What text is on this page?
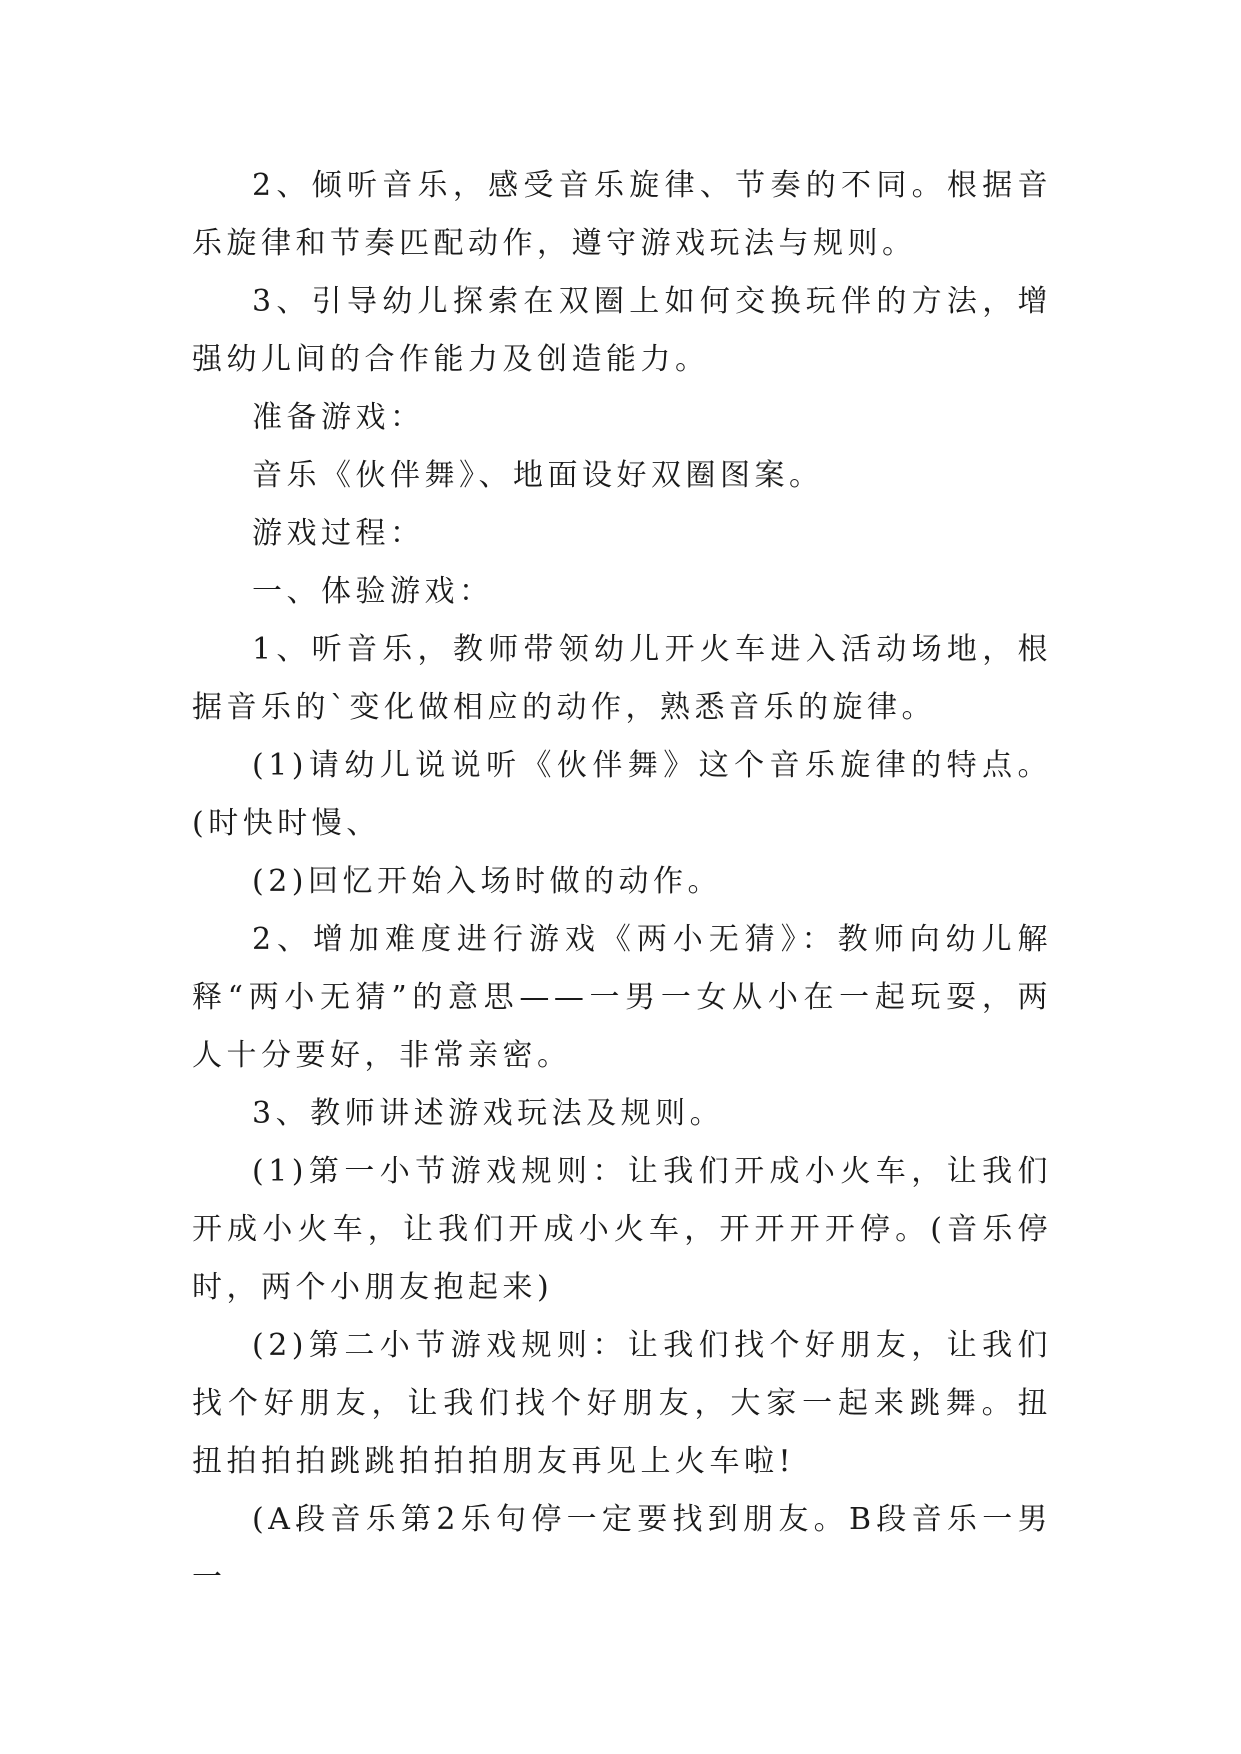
2、倾听音乐，感受音乐旋律、节奏的不同。根据音乐旋律和节奏匹配动作，遵守游戏玩法与规则。

3、引导幼儿探索在双圈上如何交换玩伴的方法，增强幼儿间的合作能力及创造能力。

准备游戏：

音乐《伙伴舞》、地面设好双圈图案。

游戏过程：

一、体验游戏：

1、听音乐，教师带领幼儿开火车进入活动场地，根据音乐的`变化做相应的动作，熟悉音乐的旋律。

(1)请幼儿说说听《伙伴舞》这个音乐旋律的特点。(时快时慢、

(2)回忆开始入场时做的动作。

2、增加难度进行游戏《两小无猜》：教师向幼儿解释“两小无猜”的意思——一男一女从小在一起玩耍，两人十分要好，非常亲密。

3、教师讲述游戏玩法及规则。

(1)第一小节游戏规则：让我们开成小火车，让我们开成小火车，让我们开成小火车，开开开开停。(音乐停时，两个小朋友抱起来)

(2)第二小节游戏规则：让我们找个好朋友，让我们找个好朋友，让我们找个好朋友，大家一起来跳舞。扭扭拍拍拍跳跳拍拍拍朋友再见上火车啦!

(A段音乐第2乐句停一定要找到朋友。B段音乐一男一
